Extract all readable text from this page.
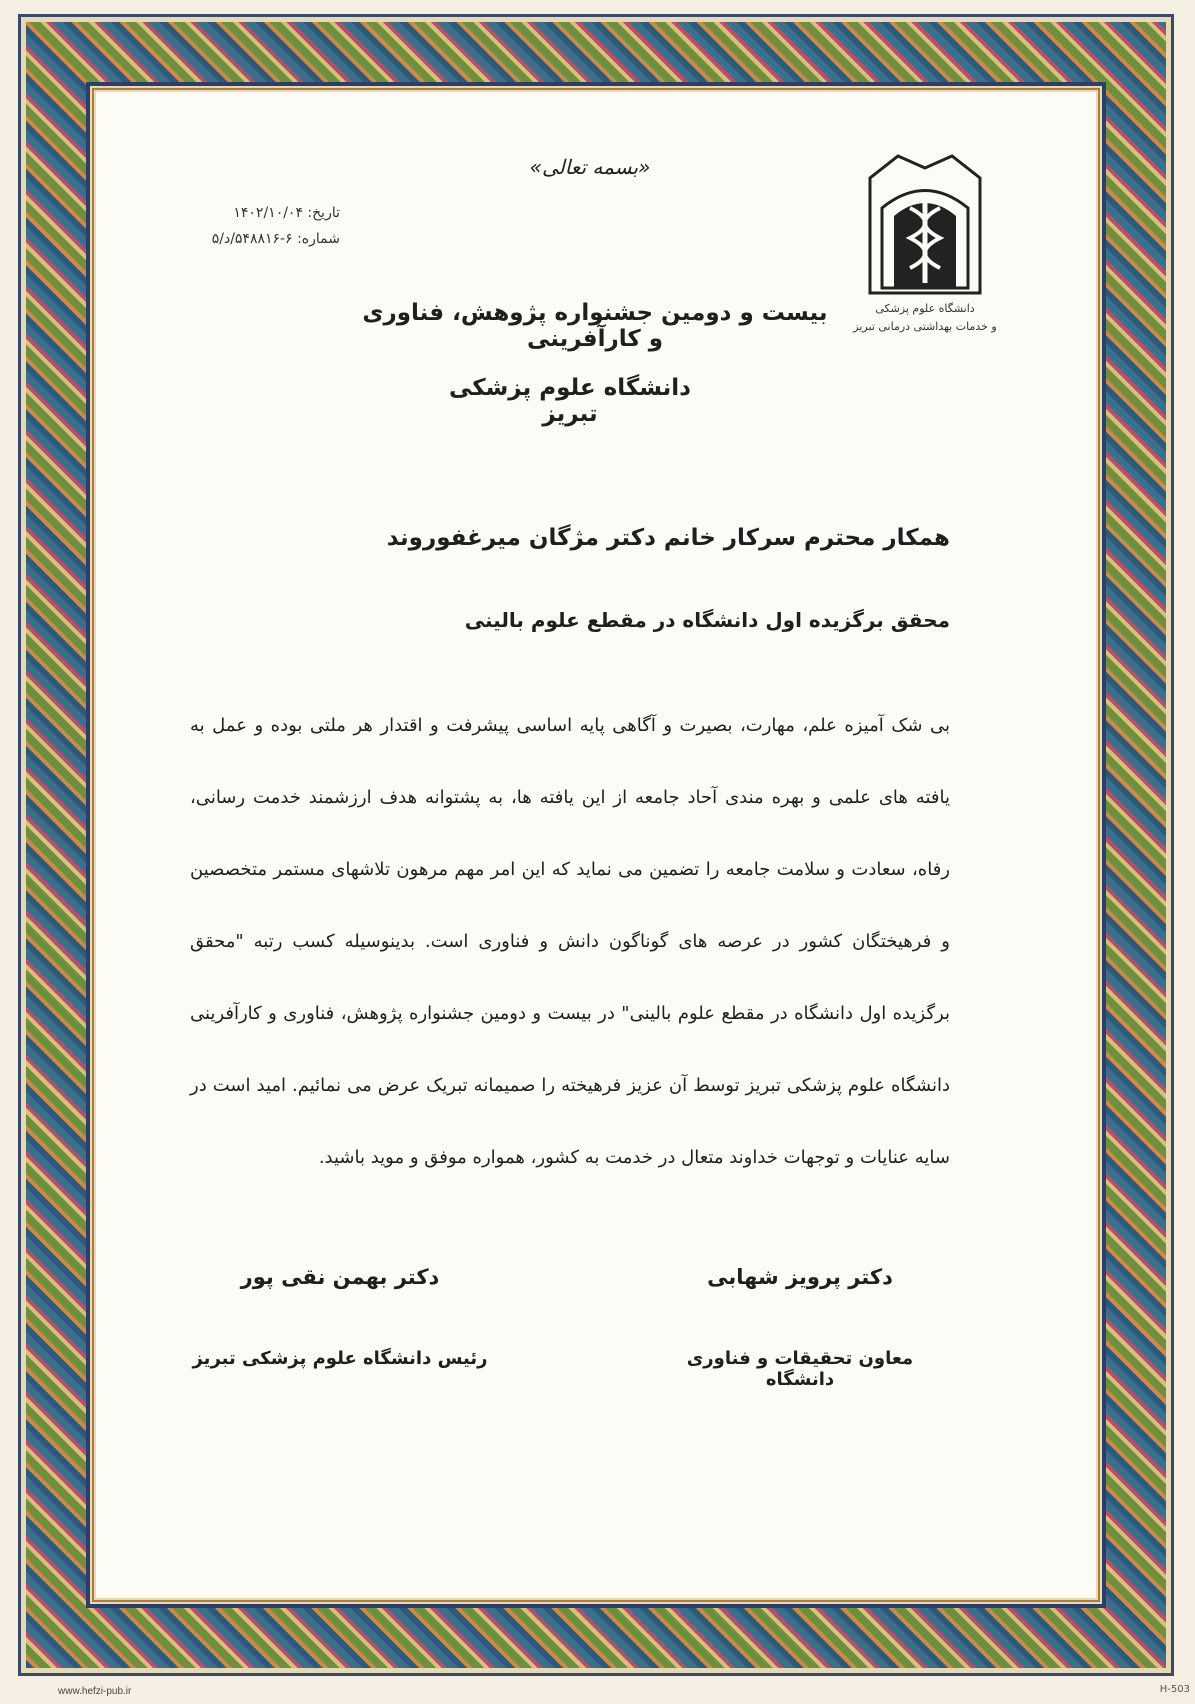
«بسمه تعالی»
تاریخ: ۱۴۰۲/۱۰/۰۴
شماره: ۶-۵۴۸۸۱۶/د/۵
دانشگاه علوم پزشکی
و خدمات بهداشتی درمانی تبریز
بیست و دومین جشنواره پژوهش، فناوری و کارآفرینی
دانشگاه علوم پزشکی تبریز
همکار محترم سرکار خانم دکتر مژگان میرغفوروند
محقق برگزیده اول دانشگاه در مقطع علوم بالینی
بی شک آمیزه علم، مهارت، بصیرت و آگاهی پایه اساسی پیشرفت و اقتدار هر ملتی بوده و عمل به یافته های علمی و بهره مندی آحاد جامعه از این یافته ها، به پشتوانه هدف ارزشمند خدمت رسانی، رفاه، سعادت و سلامت جامعه را تضمین می نماید که این امر مهم مرهون تلاشهای مستمر متخصصین و فرهیختگان کشور در عرصه های گوناگون دانش و فناوری است. بدینوسیله کسب رتبه "محقق برگزیده اول دانشگاه در مقطع علوم بالینی" در بیست و دومین جشنواره پژوهش، فناوری و کارآفرینی دانشگاه علوم پزشکی تبریز توسط آن عزیز فرهیخته را صمیمانه تبریک عرض می نمائیم. امید است در سایه عنایات و توجهات خداوند متعال در خدمت به کشور، همواره موفق و موید باشید.
دکتر پرویز شهابی
معاون تحقیقات و فناوری دانشگاه
دکتر بهمن نقی پور
رئیس دانشگاه علوم پزشکی تبریز
www.hefzi-pub.ir	H-503
